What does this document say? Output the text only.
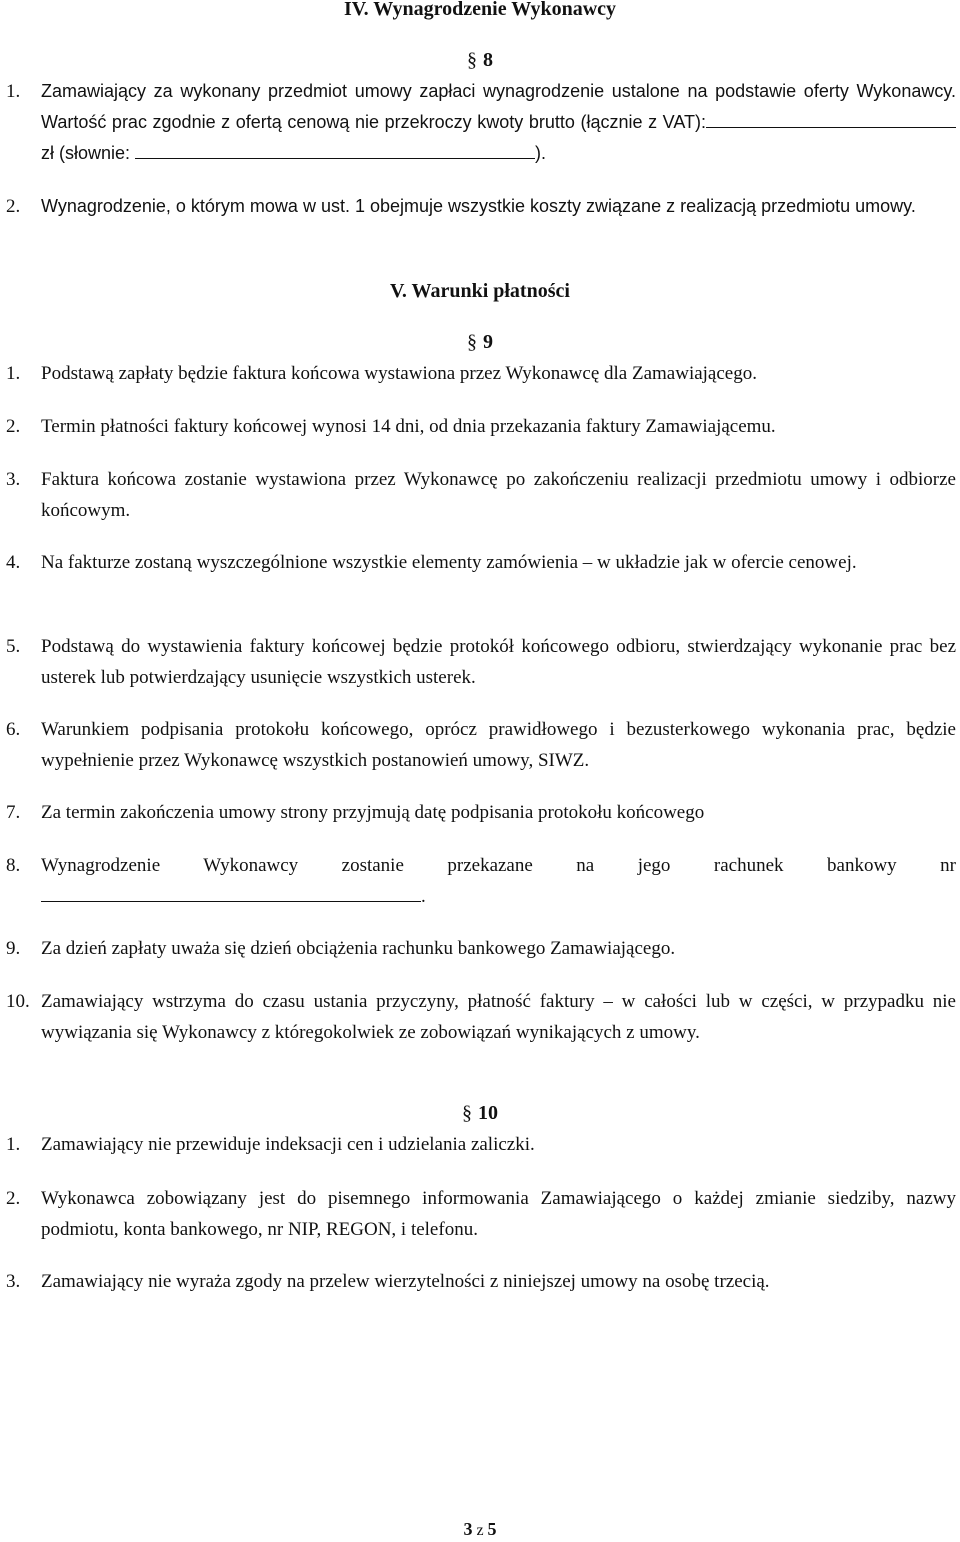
IV. Wynagrodzenie Wykonawcy
§ 8
1. Zamawiający za wykonany przedmiot umowy zapłaci wynagrodzenie ustalone na podstawie oferty Wykonawcy. Wartość prac zgodnie z ofertą cenową nie przekroczy kwoty brutto (łącznie z VAT): zł (słownie:	).
2. Wynagrodzenie, o którym mowa w ust. 1 obejmuje wszystkie koszty związane z realizacją przedmiotu umowy.
V. Warunki płatności
§ 9
1. Podstawą zapłaty będzie faktura końcowa wystawiona przez Wykonawcę dla Zamawiającego.
2. Termin płatności faktury końcowej wynosi 14 dni, od dnia przekazania faktury Zamawiającemu.
3. Faktura końcowa zostanie wystawiona przez Wykonawcę po zakończeniu realizacji przedmiotu umowy i odbiorze końcowym.
4. Na fakturze zostaną wyszczególnione wszystkie elementy zamówienia – w układzie jak w ofercie cenowej.
5. Podstawą do wystawienia faktury końcowej będzie protokół końcowego odbioru, stwierdzający wykonanie prac bez usterek lub potwierdzający usunięcie wszystkich usterek.
6. Warunkiem podpisania protokołu końcowego, oprócz prawidłowego i bezusterkowego wykonania prac, będzie wypełnienie przez Wykonawcę wszystkich postanowień umowy, SIWZ.
7. Za termin zakończenia umowy strony przyjmują datę podpisania protokołu końcowego
8. Wynagrodzenie Wykonawcy zostanie przekazane na jego rachunek bankowy nr .
9. Za dzień zapłaty uważa się dzień obciążenia rachunku bankowego Zamawiającego.
10. Zamawiający wstrzyma do czasu ustania przyczyny, płatność faktury – w całości lub w części, w przypadku nie wywiązania się Wykonawcy z któregokolwiek ze zobowiązań wynikających z umowy.
§ 10
1. Zamawiający nie przewiduje indeksacji cen i udzielania zaliczki.
2. Wykonawca zobowiązany jest do pisemnego informowania Zamawiającego o każdej zmianie siedziby, nazwy podmiotu, konta bankowego, nr NIP, REGON, i telefonu.
3. Zamawiający nie wyraża zgody na przelew wierzytelności z niniejszej umowy na osobę trzecią.
3 z 5
